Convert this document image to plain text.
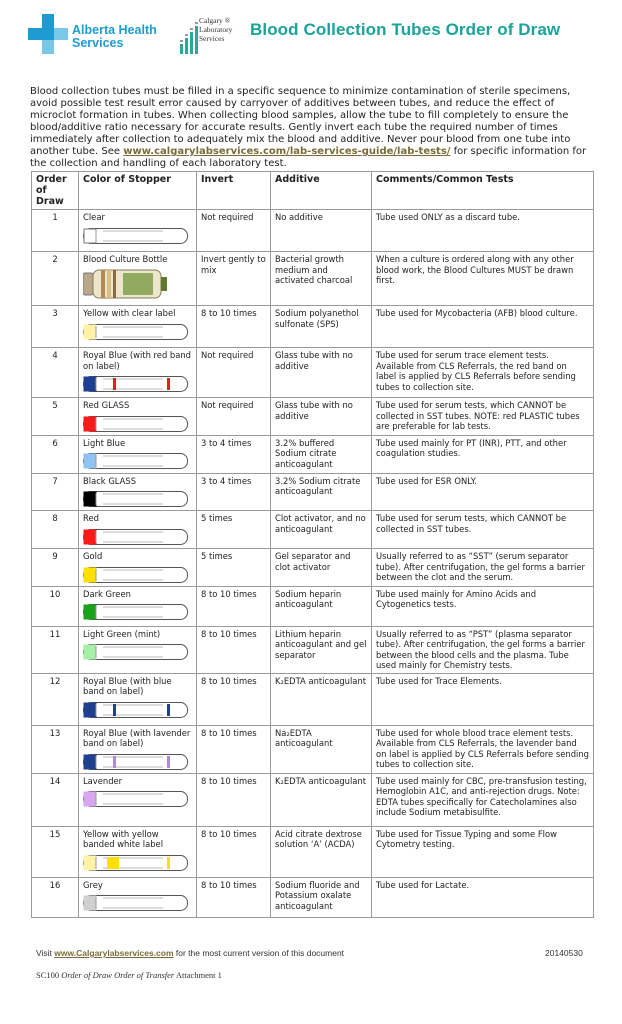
Alberta Health
Services
Calgary ®
Laboratory
Services	Blood Collection Tubes Order of Draw
Blood collection tubes must be filled in a specific sequence to minimize contamination of sterile specimens, avoid possible test result error caused by carryover of additives between tubes, and reduce the effect of microclot formation in tubes. When collecting blood samples, allow the tube to fill completely to ensure the blood/additive ratio necessary for accurate results. Gently invert each tube the required number of times immediately after collection to adequately mix the blood and additive. Never pour blood from one tube into another tube. See www.calgarylabservices.com/lab-services-guide/lab-tests/ for specific information for the collection and handling of each laboratory test.
Order of Draw	Color of Stopper	Invert	Additive	Comments/Common Tests
1	Clear	Not required	No additive	Tube used ONLY as a discard tube.
2	Blood Culture Bottle	Invert gently to mix	Bacterial growth medium and activated charcoal	When a culture is ordered along with any other blood work, the Blood Cultures MUST be drawn first.
3	Yellow with clear label	8 to 10 times	Sodium polyanethol sulfonate (SPS)	Tube used for Mycobacteria (AFB) blood culture.
4	Royal Blue (with red band on label)	Not required	Glass tube with no additive	Tube used for serum trace element tests. Available from CLS Referrals, the red band on label is applied by CLS Referrals before sending tubes to collection site.
5	Red GLASS	Not required	Glass tube with no additive	Tube used for serum tests, which CANNOT be collected in SST tubes. NOTE: red PLASTIC tubes are preferable for lab tests.
6	Light Blue	3 to 4 times	3.2% buffered Sodium citrate anticoagulant	Tube used mainly for PT (INR), PTT, and other coagulation studies.
7	Black GLASS	3 to 4 times	3.2% Sodium citrate anticoagulant	Tube used for ESR ONLY.
8	Red	5 times	Clot activator, and no anticoagulant	Tube used for serum tests, which CANNOT be collected in SST tubes.
9	Gold	5 times	Gel separator and clot activator	Usually referred to as “SST” (serum separator tube). After centrifugation, the gel forms a barrier between the clot and the serum.
10	Dark Green	8 to 10 times	Sodium heparin anticoagulant	Tube used mainly for Amino Acids and Cytogenetics tests.
11	Light Green (mint)	8 to 10 times	Lithium heparin anticoagulant and gel separator	Usually referred to as “PST” (plasma separator tube). After centrifugation, the gel forms a barrier between the blood cells and the plasma. Tube used mainly for Chemistry tests.
12	Royal Blue (with blue band on label)	8 to 10 times	K₂EDTA anticoagulant	Tube used for Trace Elements.
13	Royal Blue (with lavender band on label)	8 to 10 times	Na₂EDTA anticoagulant	Tube used for whole blood trace element tests. Available from CLS Referrals, the lavender band on label is applied by CLS Referrals before sending tubes to collection site.
14	Lavender	8 to 10 times	K₂EDTA anticoagulant	Tube used mainly for CBC, pre-transfusion testing, Hemoglobin A1C, and anti-rejection drugs. Note: EDTA tubes specifically for Catecholamines also include Sodium metabisulfite.
15	Yellow with yellow banded white label	8 to 10 times	Acid citrate dextrose solution ‘A’ (ACDA)	Tube used for Tissue Typing and some Flow Cytometry testing.
16	Grey	8 to 10 times	Sodium fluoride and Potassium oxalate anticoagulant	Tube used for Lactate.
Visit www.Calgarylabservices.com for the most current version of this document	20140530
SC100 Order of Draw Order of Transfer Attachment 1
